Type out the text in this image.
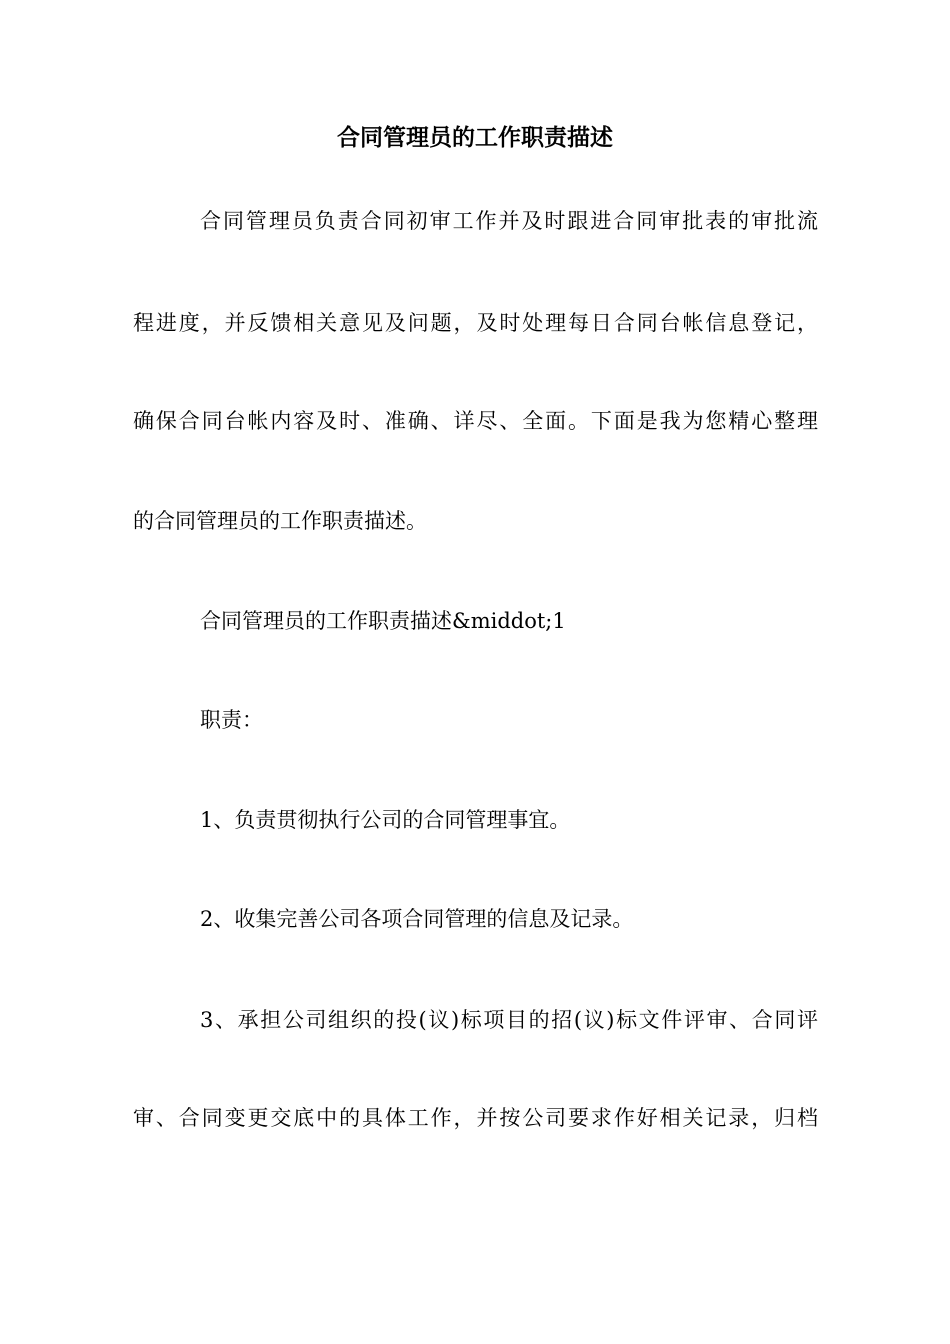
合同管理员的工作职责描述

合同管理员负责合同初审工作并及时跟进合同审批表的审批流

程进度，并反馈相关意见及问题，及时处理每日合同台帐信息登记，

确保合同台帐内容及时、准确、详尽、全面。下面是我为您精心整理

的合同管理员的工作职责描述。

合同管理员的工作职责描述&middot;1

职责：

1、负责贯彻执行公司的合同管理事宜。

2、收集完善公司各项合同管理的信息及记录。

3、承担公司组织的投(议)标项目的招(议)标文件评审、合同评

审、合同变更交底中的具体工作，并按公司要求作好相关记录，归档
